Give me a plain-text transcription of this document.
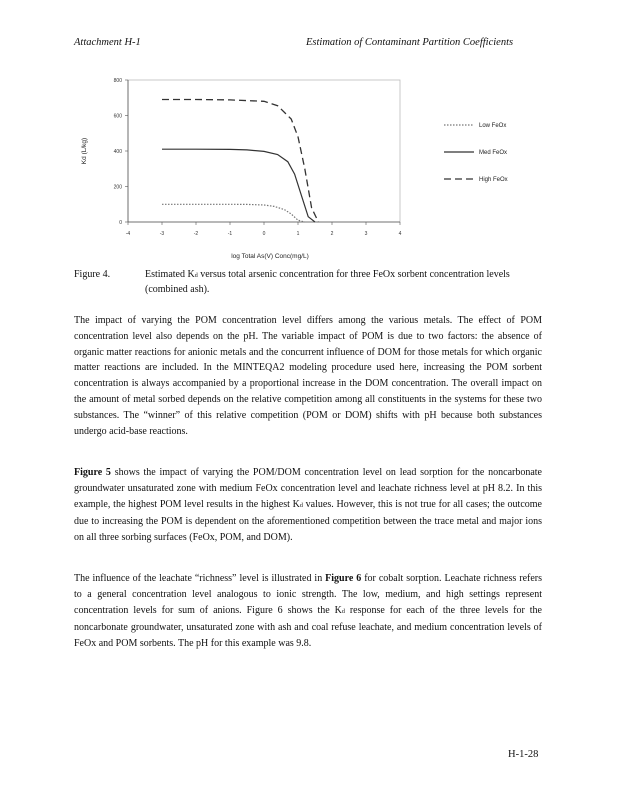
Attachment H-1	Estimation of Contaminant Partition Coefficients
-4	-3	-2	-1	0	1	2	3	4
0
200
400
600
800
log Total As(V) Conc(mg/L)
Kd (L/kg)
Low FeOx
Med FeOx
High FeOx
Figure 4.	Estimated Kd versus total arsenic concentration for three FeOx sorbent concentration levels (combined ash).
The impact of varying the POM concentration level differs among the various metals. The effect of POM concentration level also depends on the pH. The variable impact of POM is due to two factors: the absence of organic matter reactions for anionic metals and the concurrent influence of DOM for those metals for which organic matter reactions are included. In the MINTEQA2 modeling procedure used here, increasing the POM sorbent concentration is always accompanied by a proportional increase in the DOM concentration. The overall impact on the amount of metal sorbed depends on the relative competition among all constituents in the systems for these two substances. The “winner” of this relative competition (POM or DOM) shifts with pH because both substances undergo acid-base reactions.
Figure 5 shows the impact of varying the POM/DOM concentration level on lead sorption for the noncarbonate groundwater unsaturated zone with medium FeOx concentration level and leachate richness level at pH 8.2. In this example, the highest POM level results in the highest Kd values. However, this is not true for all cases; the outcome due to increasing the POM is dependent on the aforementioned competition between the trace metal and major ions on all three sorbing surfaces (FeOx, POM, and DOM).
The influence of the leachate “richness” level is illustrated in Figure 6 for cobalt sorption. Leachate richness refers to a general concentration level analogous to ionic strength. The low, medium, and high settings represent concentration levels for sum of anions. Figure 6 shows the Kd response for each of the three levels for the noncarbonate groundwater, unsaturated zone with ash and coal refuse leachate, and medium concentration levels of FeOx and POM sorbents. The pH for this example was 9.8.
H-1-28
